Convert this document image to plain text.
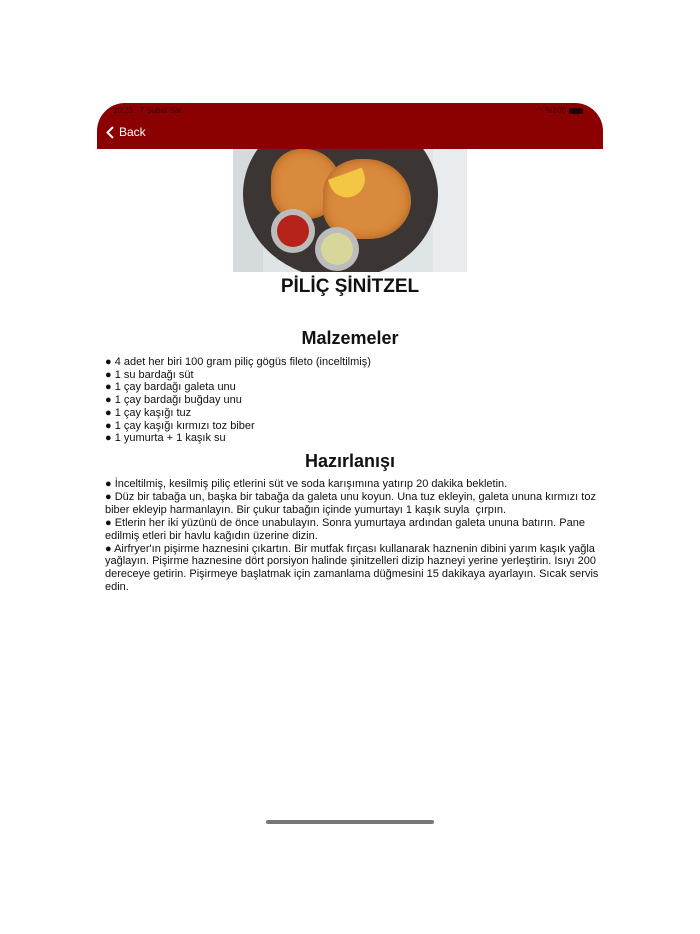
10:23 7 Şubat Sal	◠ %100
Back
PİLİÇ ŞİNİTZEL
Malzemeler
● 4 adet her biri 100 gram piliç gögüs fileto (inceltilmiş)
● 1 su bardağı süt
● 1 çay bardağı galeta unu
● 1 çay bardağı buğday unu
● 1 çay kaşığı tuz
● 1 çay kaşığı kırmızı toz biber
● 1 yumurta + 1 kaşık su
Hazırlanışı
● İnceltilmiş, kesilmiş piliç etlerini süt ve soda karışımına yatırıp 20 dakika bekletin.
● Düz bir tabağa un, başka bir tabağa da galeta unu koyun. Una tuz ekleyin, galeta ununa kırmızı toz biber ekleyip harmanlayın. Bir çukur tabağın içinde yumurtayı 1 kaşık suyla  çırpın.
● Etlerin her iki yüzünü de önce unabulayın. Sonra yumurtaya ardından galeta ununa batırın. Pane edilmiş etleri bir havlu kağıdın üzerine dizin.
● Airfryer'ın pişirme haznesini çıkartın. Bir mutfak fırçası kullanarak haznenin dibini yarım kaşık yağla yağlayın. Pişirme haznesine dört porsiyon halinde şinitzelleri dizip hazneyi yerine yerleştirin. Isıyı 200 dereceye getirin. Pişirmeye başlatmak için zamanlama düğmesini 15 dakikaya ayarlayın. Sıcak servis edin.
